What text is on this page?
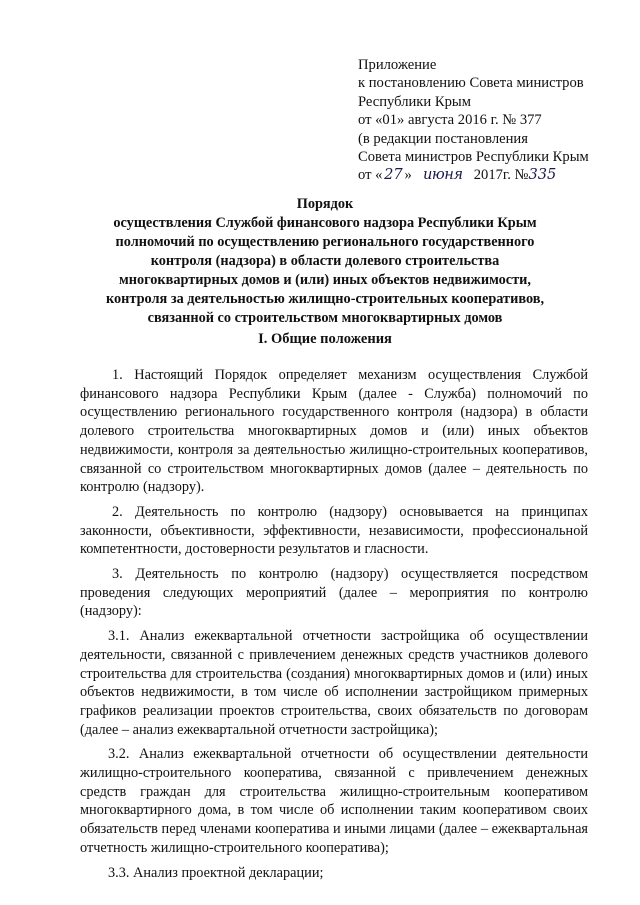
Приложение
к постановлению Совета министров
Республики Крым
от «01» августа 2016 г. № 377
(в редакции постановления
Совета министров Республики Крым
от « 27 » июня 2017г. №335
Порядок
осуществления Службой финансового надзора Республики Крым
полномочий по осуществлению регионального государственного
контроля (надзора) в области долевого строительства
многоквартирных домов и (или) иных объектов недвижимости,
контроля за деятельностью жилищно-строительных кооперативов,
связанной со строительством многоквартирных домов
I. Общие положения

1. Настоящий Порядок определяет механизм осуществления Службой финансового надзора Республики Крым (далее - Служба) полномочий по осуществлению регионального государственного контроля (надзора) в области долевого строительства многоквартирных домов и (или) иных объектов недвижимости, контроля за деятельностью жилищно-строительных кооперативов, связанной со строительством многоквартирных домов (далее – деятельность по контролю (надзору).

2. Деятельность по контролю (надзору) основывается на принципах законности, объективности, эффективности, независимости, профессиональной компетентности, достоверности результатов и гласности.

3. Деятельность по контролю (надзору) осуществляется посредством проведения следующих мероприятий (далее – мероприятия по контролю (надзору):

3.1. Анализ ежеквартальной отчетности застройщика об осуществлении деятельности, связанной с привлечением денежных средств участников долевого строительства для строительства (создания) многоквартирных домов и (или) иных объектов недвижимости, в том числе об исполнении застройщиком примерных графиков реализации проектов строительства, своих обязательств по договорам (далее – анализ ежеквартальной отчетности застройщика);

3.2. Анализ ежеквартальной отчетности об осуществлении деятельности жилищно-строительного кооператива, связанной с привлечением денежных средств граждан для строительства жилищно-строительным кооперативом многоквартирного дома, в том числе об исполнении таким кооперативом своих обязательств перед членами кооператива и иными лицами (далее – ежеквартальная отчетность жилищно-строительного кооператива);

3.3. Анализ проектной декларации;
